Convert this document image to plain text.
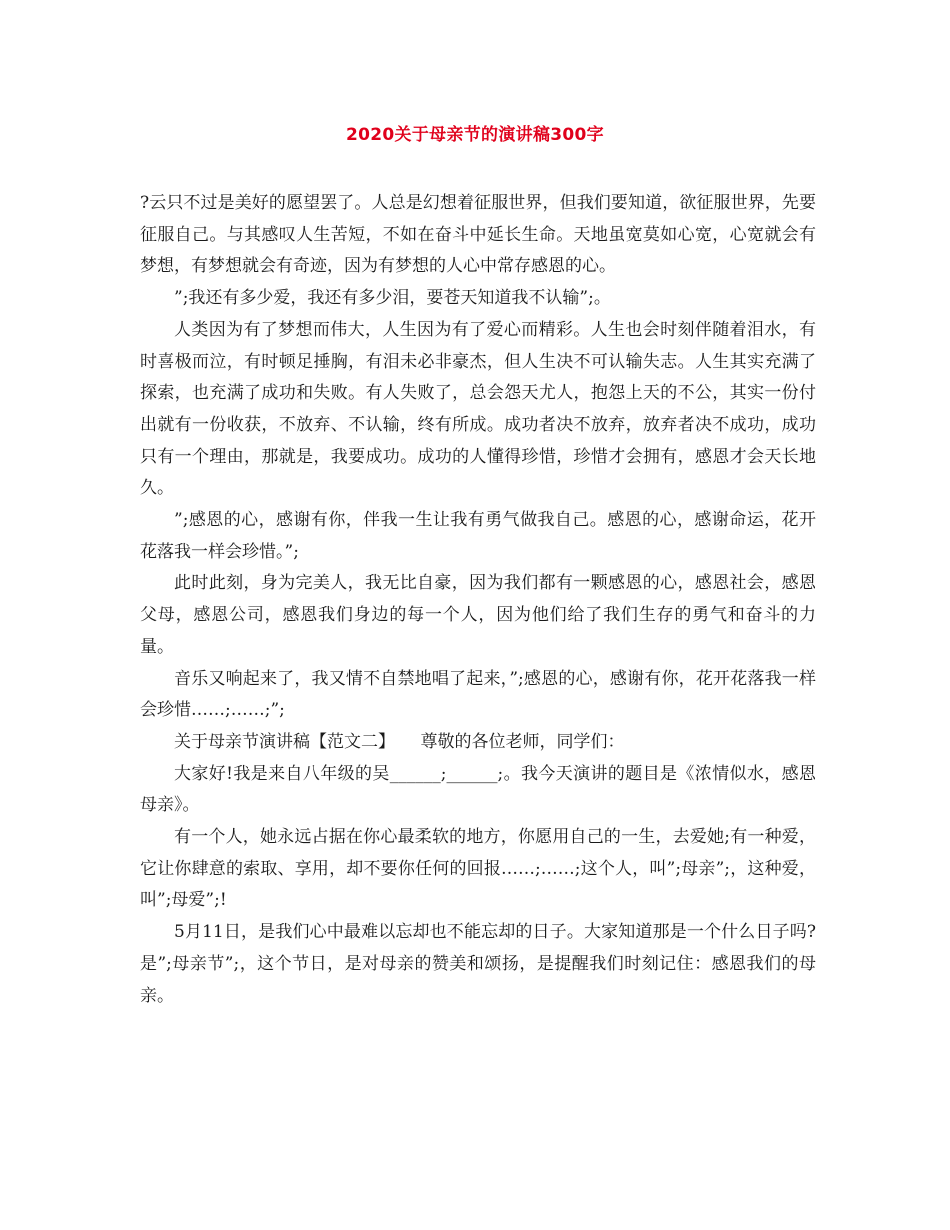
2020关于母亲节的演讲稿300字

?云只不过是美好的愿望罢了。人总是幻想着征服世界，但我们要知道，欲征服世界，先要征服自己。与其感叹人生苦短，不如在奋斗中延长生命。天地虽宽莫如心宽，心宽就会有梦想，有梦想就会有奇迹，因为有梦想的人心中常存感恩的心。

”;我还有多少爱，我还有多少泪，要苍天知道我不认输”;。

人类因为有了梦想而伟大，人生因为有了爱心而精彩。人生也会时刻伴随着泪水，有时喜极而泣，有时顿足捶胸，有泪未必非豪杰，但人生决不可认输失志。人生其实充满了探索，也充满了成功和失败。有人失败了，总会怨天尤人，抱怨上天的不公，其实一份付出就有一份收获，不放弃、不认输，终有所成。成功者决不放弃，放弃者决不成功，成功只有一个理由，那就是，我要成功。成功的人懂得珍惜，珍惜才会拥有，感恩才会天长地久。

”;感恩的心，感谢有你，伴我一生让我有勇气做我自己。感恩的心，感谢命运，花开花落我一样会珍惜。”;

此时此刻，身为完美人，我无比自豪，因为我们都有一颗感恩的心，感恩社会，感恩父母，感恩公司，感恩我们身边的每一个人，因为他们给了我们生存的勇气和奋斗的力量。

音乐又响起来了，我又情不自禁地唱了起来，”;感恩的心，感谢有你，花开花落我一样会珍惜……;……;”;

关于母亲节演讲稿【范文二】　　尊敬的各位老师，同学们：

大家好!我是来自八年级的吴______;______;。我今天演讲的题目是《浓情似水，感恩母亲》。

有一个人，她永远占据在你心最柔软的地方，你愿用自己的一生，去爱她;有一种爱，它让你肆意的索取、享用，却不要你任何的回报……;……;这个人，叫”;母亲”;，这种爱，叫”;母爱”;!

5月11日，是我们心中最难以忘却也不能忘却的日子。大家知道那是一个什么日子吗?是”;母亲节”;，这个节日，是对母亲的赞美和颂扬，是提醒我们时刻记住：感恩我们的母亲。
